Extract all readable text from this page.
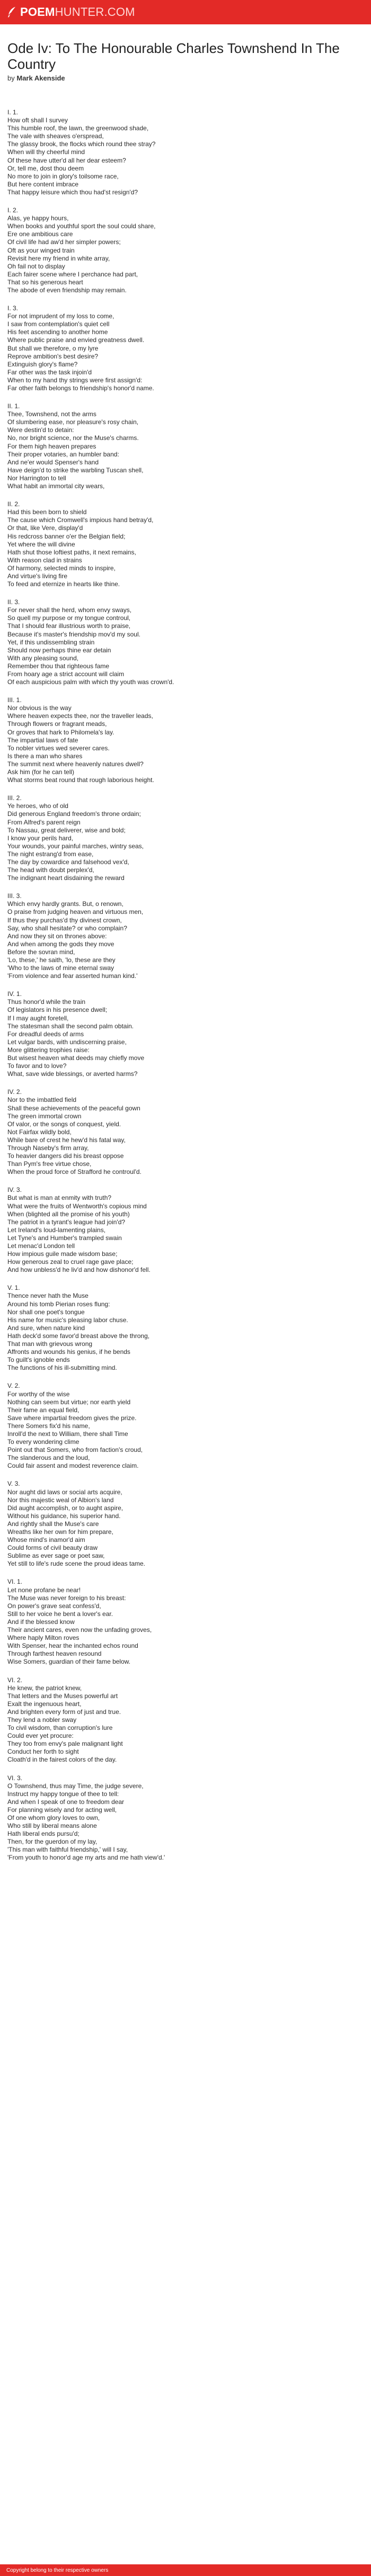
POEM HUNTER.COM
Ode Iv: To The Honourable Charles Townshend In The Country
by Mark Akenside
I. 1.
How oft shall I survey
This humble roof, the lawn, the greenwood shade,
The vale with sheaves o'erspread,
The glassy brook, the flocks which round thee stray?
When will thy cheerful mind
Of these have utter'd all her dear esteem?
Or, tell me, dost thou deem
No more to join in glory's toilsome race,
But here content imbrace
That happy leisure which thou had'st resign'd?
I. 2.
Alas, ye happy hours,
When books and youthful sport the soul could share,
Ere one ambitious care
Of civil life had aw'd her simpler powers;
Oft as your winged train
Revisit here my friend in white array,
Oh fail not to display
Each fairer scene where I perchance had part,
That so his generous heart
The abode of even friendship may remain.
I. 3.
For not imprudent of my loss to come,
I saw from contemplation's quiet cell
His feet ascending to another home
Where public praise and envied greatness dwell.
But shall we therefore, o my lyre
Reprove ambition's best desire?
Extinguish glory's flame?
Far other was the task injoin'd
When to my hand thy strings were first assign'd:
Far other faith belongs to friendship's honor'd name.
II. 1.
Thee, Townshend, not the arms
Of slumbering ease, nor pleasure's rosy chain,
Were destin'd to detain:
No, nor bright science, nor the Muse's charms.
For them high heaven prepares
Their proper votaries, an humbler band:
And ne'er would Spenser's hand
Have deign'd to strike the warbling Tuscan shell,
Nor Harrington to tell
What habit an immortal city wears,
II. 2.
Had this been born to shield
The cause which Cromwell's impious hand betray'd,
Or that, like Vere, display'd
His redcross banner o'er the Belgian field;
Yet where the will divine
Hath shut those loftiest paths, it next remains,
With reason clad in strains
Of harmony, selected minds to inspire,
And virtue's living fire
To feed and eternize in hearts like thine.
II. 3.
For never shall the herd, whom envy sways,
So quell my purpose or my tongue controul,
That I should fear illustrious worth to praise,
Because it's master's friendship mov'd my soul.
Yet, if this undissembling strain
Should now perhaps thine ear detain
With any pleasing sound,
Remember thou that righteous fame
From hoary age a strict account will claim
Of each auspicious palm with which thy youth was crown'd.
III. 1.
Nor obvious is the way
Where heaven expects thee, nor the traveller leads,
Through flowers or fragrant meads,
Or groves that hark to Philomela's lay.
The impartial laws of fate
To nobler virtues wed severer cares.
Is there a man who shares
The summit next where heavenly natures dwell?
Ask him (for he can tell)
What storms beat round that rough laborious height.
III. 2.
Ye heroes, who of old
Did generous England freedom's throne ordain;
From Alfred's parent reign
To Nassau, great deliverer, wise and bold;
I know your perils hard,
Your wounds, your painful marches, wintry seas,
The night estrang'd from ease,
The day by cowardice and falsehood vex'd,
The head with doubt perplex'd,
The indignant heart disdaining the reward
III. 3.
Which envy hardly grants. But, o renown,
O praise from judging heaven and virtuous men,
If thus they purchas'd thy divinest crown,
Say, who shall hesitate? or who complain?
And now they sit on thrones above:
And when among the gods they move
Before the sovran mind,
'Lo, these,' he saith, 'lo, these are they
'Who to the laws of mine eternal sway
'From violence and fear asserted human kind.'
IV. 1.
Thus honor'd while the train
Of legislators in his presence dwell;
If I may aught foretell,
The statesman shall the second palm obtain.
For dreadful deeds of arms
Let vulgar bards, with undiscerning praise,
More glittering trophies raise:
But wisest heaven what deeds may chiefly move
To favor and to love?
What, save wide blessings, or averted harms?
IV. 2.
Nor to the imbattled field
Shall these achievements of the peaceful gown
The green immortal crown
Of valor, or the songs of conquest, yield.
Not Fairfax wildly bold,
While bare of crest he hew'd his fatal way,
Through Naseby's firm array,
To heavier dangers did his breast oppose
Than Pym's free virtue chose,
When the proud force of Strafford he controul'd.
IV. 3.
But what is man at enmity with truth?
What were the fruits of Wentworth's copious mind
When (blighted all the promise of his youth)
The patriot in a tyrant's league had join'd?
Let Ireland's loud-lamenting plains,
Let Tyne's and Humber's trampled swain
Let menac'd London tell
How impious guile made wisdom base;
How generous zeal to cruel rage gave place;
And how unbless'd he liv'd and how dishonor'd fell.
V. 1.
Thence never hath the Muse
Around his tomb Pierian roses flung:
Nor shall one poet's tongue
His name for music's pleasing labor chuse.
And sure, when nature kind
Hath deck'd some favor'd breast above the throng,
That man with grievous wrong
Affronts and wounds his genius, if he bends
To guilt's ignoble ends
The functions of his ill-submitting mind.
V. 2.
For worthy of the wise
Nothing can seem but virtue; nor earth yield
Their fame an equal field,
Save where impartial freedom gives the prize.
There Somers fix'd his name,
Inroll'd the next to William, there shall Time
To every wondering clime
Point out that Somers, who from faction's croud,
The slanderous and the loud,
Could fair assent and modest reverence claim.
V. 3.
Nor aught did laws or social arts acquire,
Nor this majestic weal of Albion's land
Did aught accomplish, or to aught aspire,
Without his guidance, his superior hand.
And rightly shall the Muse's care
Wreaths like her own for him prepare,
Whose mind's inamor'd aim
Could forms of civil beauty draw
Sublime as ever sage or poet saw,
Yet still to life's rude scene the proud ideas tame.
VI. 1.
Let none profane be near!
The Muse was never foreign to his breast:
On power's grave seat confess'd,
Still to her voice he bent a lover's ear.
And if the blessed know
Their ancient cares, even now the unfading groves,
Where haply Milton roves
With Spenser, hear the inchanted echos round
Through farthest heaven resound
Wise Somers, guardian of their fame below.
VI. 2.
He knew, the patriot knew,
That letters and the Muses powerful art
Exalt the ingenuous heart,
And brighten every form of just and true.
They lend a nobler sway
To civil wisdom, than corruption's lure
Could ever yet procure:
They too from envy's pale malignant light
Conduct her forth to sight
Cloath'd in the fairest colors of the day.
VI. 3.
O Townshend, thus may Time, the judge severe,
Instruct my happy tongue of thee to tell:
And when I speak of one to freedom dear
For planning wisely and for acting well,
Of one whom glory loves to own,
Who still by liberal means alone
Hath liberal ends pursu'd;
Then, for the guerdon of my lay,
'This man with faithful friendship,' will I say,
'From youth to honor'd age my arts and me hath view'd.'
Copyright belong to their respective owners
